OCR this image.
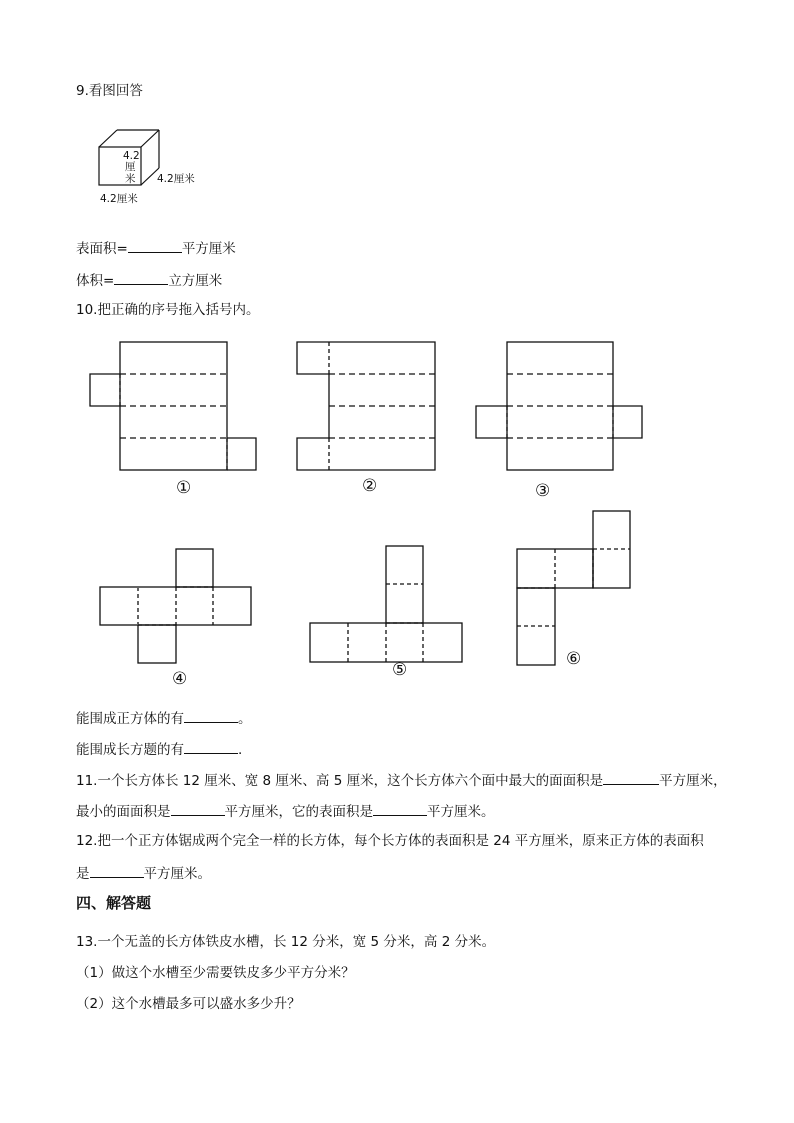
9.看图回答
4.2
厘
米 4.2厘米
4.2厘米
表面积=	平方厘米
体积=	立方厘米
10.把正确的序号拖入括号内。
①	②	③
④	⑤
⑥
能围成正方体的有	。
能围成长方题的有	.
11.一个长方体长 12 厘米、宽 8 厘米、高 5 厘米，这个长方体六个面中最大的面面积是	平方厘米，
最小的面面积是	平方厘米，它的表面积是	平方厘米。
12.把一个正方体锯成两个完全一样的长方体，每个长方体的表面积是 24 平方厘米，原来正方体的表面积
是	平方厘米。
四、解答题
13.一个无盖的长方体铁皮水槽，长 12 分米，宽 5 分米，高 2 分米。
（1）做这个水槽至少需要铁皮多少平方分米？
（2）这个水槽最多可以盛水多少升？
